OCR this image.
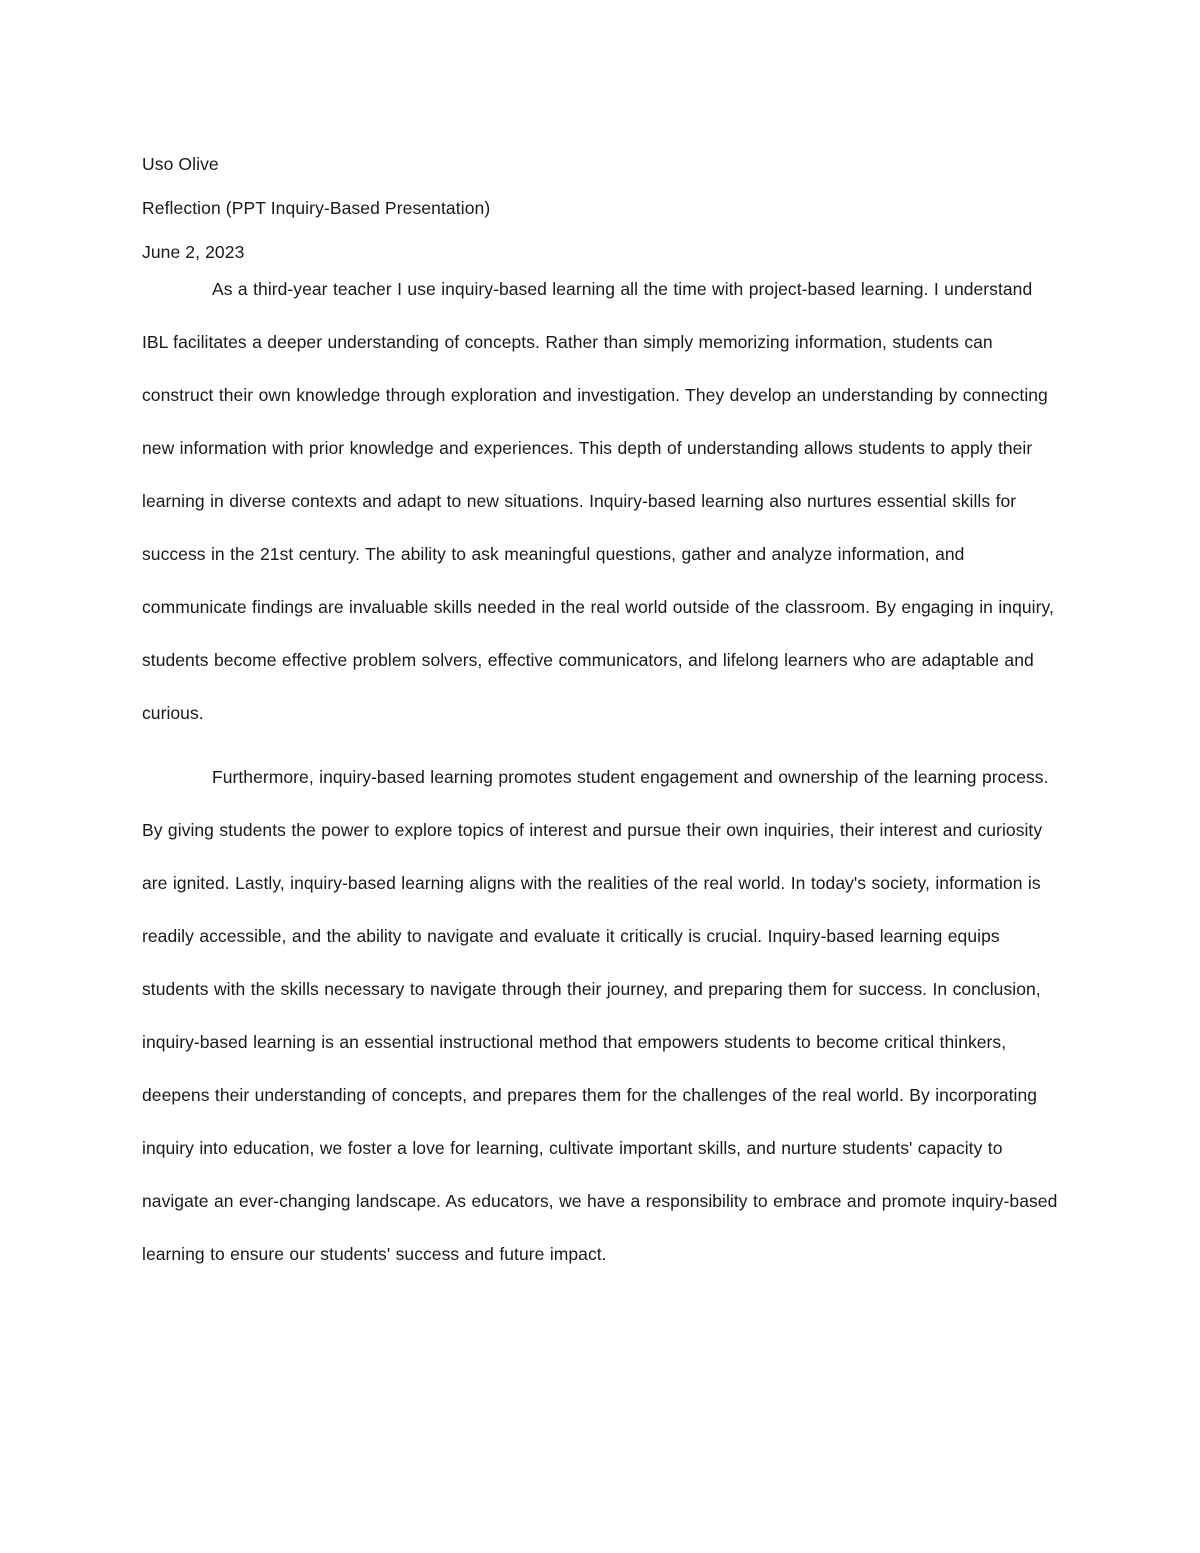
Uso Olive
Reflection (PPT Inquiry-Based Presentation)
June 2, 2023

As a third-year teacher I use inquiry-based learning all the time with project-based learning. I understand IBL facilitates a deeper understanding of concepts. Rather than simply memorizing information, students can construct their own knowledge through exploration and investigation. They develop an understanding by connecting new information with prior knowledge and experiences. This depth of understanding allows students to apply their learning in diverse contexts and adapt to new situations. Inquiry-based learning also nurtures essential skills for success in the 21st century. The ability to ask meaningful questions, gather and analyze information, and communicate findings are invaluable skills needed in the real world outside of the classroom. By engaging in inquiry, students become effective problem solvers, effective communicators, and lifelong learners who are adaptable and curious.

Furthermore, inquiry-based learning promotes student engagement and ownership of the learning process. By giving students the power to explore topics of interest and pursue their own inquiries, their interest and curiosity are ignited. Lastly, inquiry-based learning aligns with the realities of the real world. In today's society, information is readily accessible, and the ability to navigate and evaluate it critically is crucial. Inquiry-based learning equips students with the skills necessary to navigate through their journey, and preparing them for success. In conclusion, inquiry-based learning is an essential instructional method that empowers students to become critical thinkers, deepens their understanding of concepts, and prepares them for the challenges of the real world. By incorporating inquiry into education, we foster a love for learning, cultivate important skills, and nurture students' capacity to navigate an ever-changing landscape. As educators, we have a responsibility to embrace and promote inquiry-based learning to ensure our students' success and future impact.
